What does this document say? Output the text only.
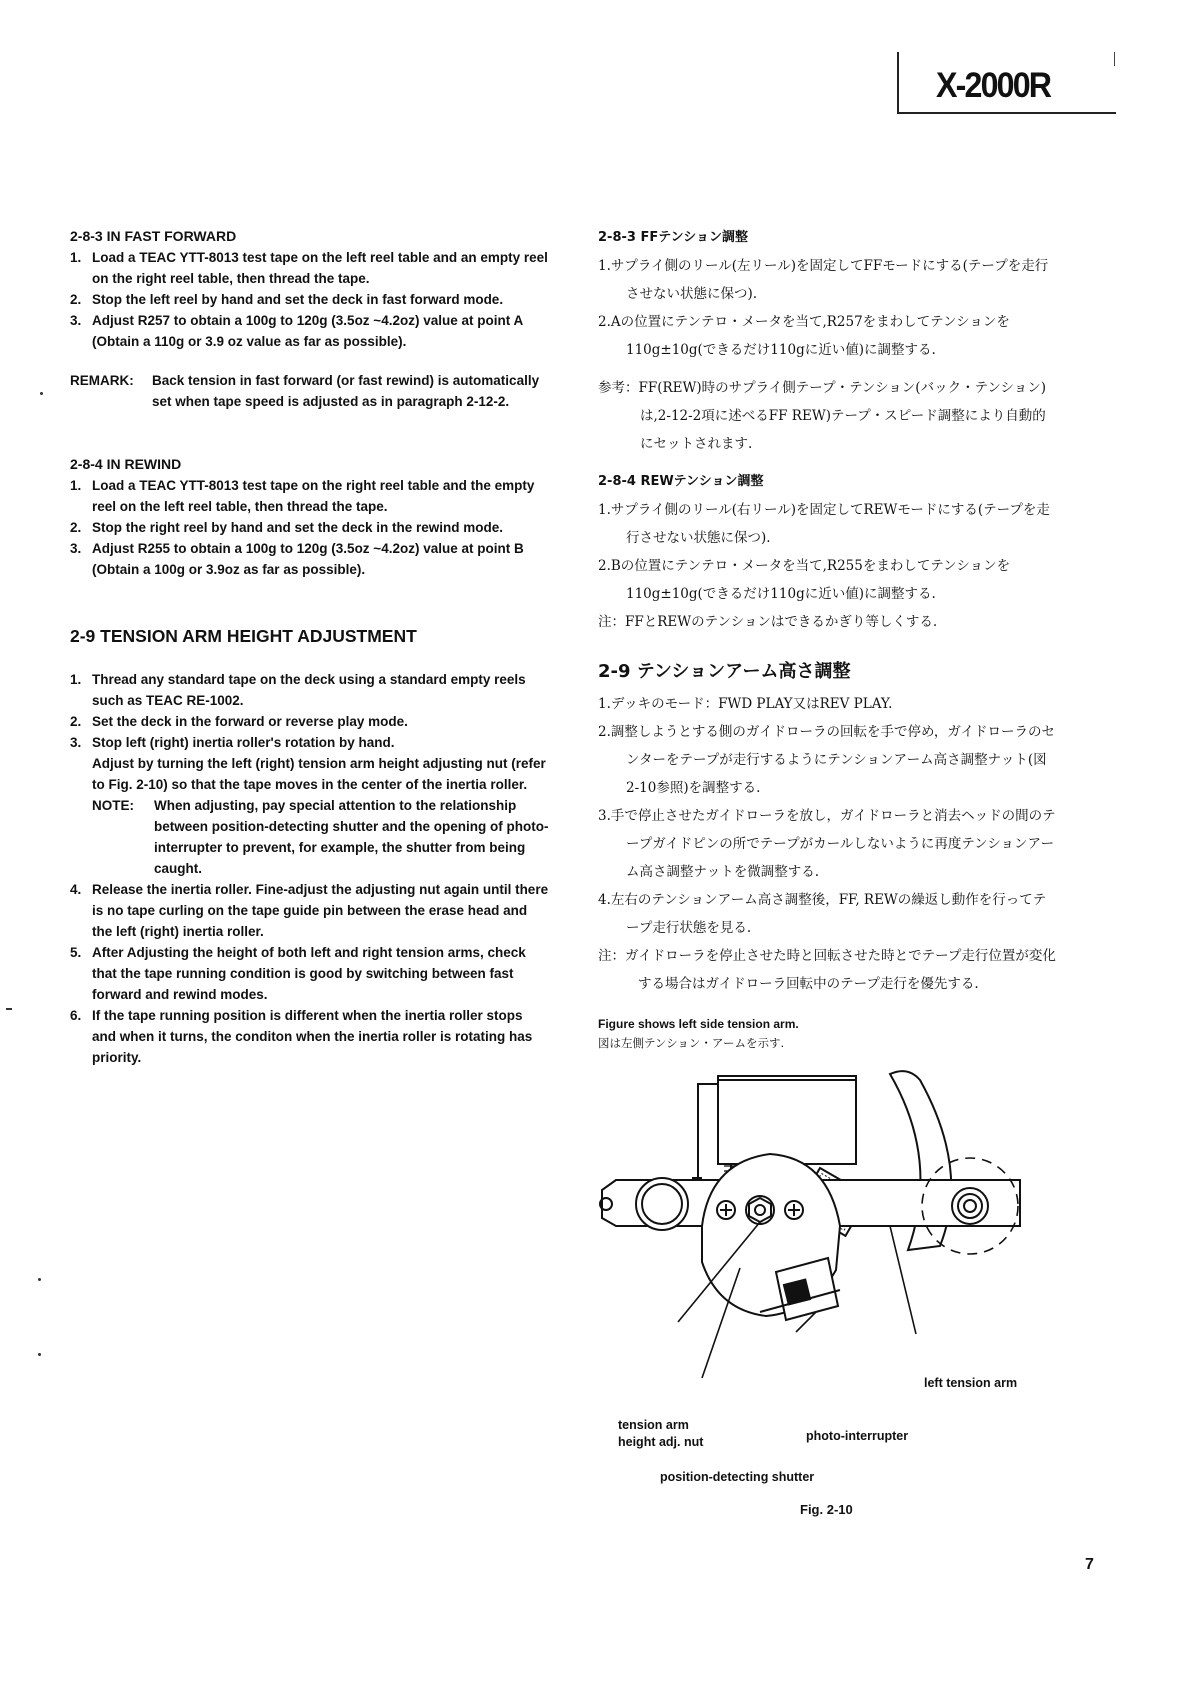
X-2000R

2-8-3 IN FAST FORWARD

1. Load a TEAC YTT-8013 test tape on the left reel table and an empty reel on the right reel table, then thread the tape.
2. Stop the left reel by hand and set the deck in fast forward mode.
3. Adjust R257 to obtain a 100g to 120g (3.5oz ~4.2oz) value at point A (Obtain a 110g or 3.9 oz value as far as possible).
REMARK:	Back tension in fast forward (or fast rewind) is automatically set when tape speed is adjusted as in paragraph 2-12-2.

2-8-4 IN REWIND

1. Load a TEAC YTT-8013 test tape on the right reel table and the empty reel on the left reel table, then thread the tape.
2. Stop the right reel by hand and set the deck in the rewind mode.
3. Adjust R255 to obtain a 100g to 120g (3.5oz ~4.2oz) value at point B (Obtain a 100g or 3.9oz as far as possible).

2-9 TENSION ARM HEIGHT ADJUSTMENT

1. Thread any standard tape on the deck using a standard empty reels such as TEAC RE-1002.
2. Set the deck in the forward or reverse play mode.
3. Stop left (right) inertia roller's rotation by hand.
Adjust by turning the left (right) tension arm height adjusting nut (refer to Fig. 2-10) so that the tape moves in the center of the inertia roller.
NOTE:	When adjusting, pay special attention to the relationship between position-detecting shutter and the opening of photo-interrupter to prevent, for example, the shutter from being caught.
4. Release the inertia roller. Fine-adjust the adjusting nut again until there is no tape curling on the tape guide pin between the erase head and the left (right) inertia roller.
5. After Adjusting the height of both left and right tension arms, check that the tape running condition is good by switching between fast forward and rewind modes.
6. If the tape running position is different when the inertia roller stops and when it turns, the conditon when the inertia roller is rotating has priority.

2-8-3 FFテンション調整

1.サプライ側のリール(左リール)を固定してFFモードにする(テープを走行させない状態に保つ).
2.Aの位置にテンテロ・メータを当て,R257をまわしてテンションを110g±10g(できるだけ110gに近い値)に調整する.
参考：FF(REW)時のサプライ側テープ・テンション(バック・テンション)は,2-12-2項に述べるFF REW)テープ・スピード調整により自動的にセットされます.

2-8-4 REWテンション調整

1.サプライ側のリール(右リール)を固定してREWモードにする(テープを走行させない状態に保つ).
2.Bの位置にテンテロ・メータを当て,R255をまわしてテンションを110g±10g(できるだけ110gに近い値)に調整する.
注：FFとREWのテンションはできるかぎり等しくする.

2-9 テンションアーム高さ調整

1.デッキのモード：FWD PLAY又はREV PLAY.
2.調整しようとする側のガイドローラの回転を手で停め，ガイドローラのセンターをテープが走行するようにテンションアーム高さ調整ナット(図2-10参照)を調整する.
3.手で停止させたガイドローラを放し，ガイドローラと消去ヘッドの間のテープガイドピンの所でテープがカールしないように再度テンションアーム高さ調整ナットを微調整する.
4.左右のテンションアーム高さ調整後，FF, REWの繰返し動作を行ってテープ走行状態を見る.
注：ガイドローラを停止させた時と回転させた時とでテープ走行位置が変化する場合はガイドローラ回転中のテープ走行を優先する.
Figure shows left side tension arm.
図は左側テンション・アームを示す.
left tension arm
tension arm
height adj. nut	photo-interrupter
position-detecting shutter
Fig. 2-10
7
